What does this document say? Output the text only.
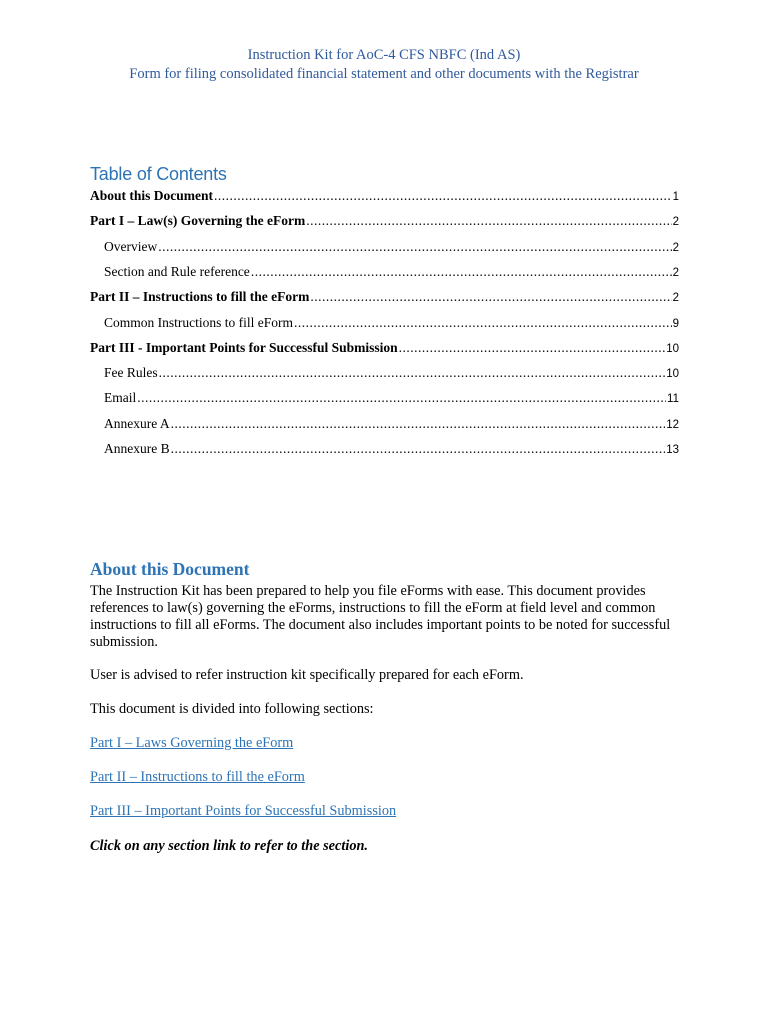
Instruction Kit for AoC-4 CFS NBFC (Ind AS)
Form for filing consolidated financial statement and other documents with the Registrar
Table of Contents
About this Document .....	1
Part I – Law(s) Governing the eForm .....	2
Overview .....	2
Section and Rule reference .....	2
Part II – Instructions to fill the eForm .....	2
Common Instructions to fill eForm .....	9
Part III - Important Points for Successful Submission .....	10
Fee Rules .....	10
Email .....	11
Annexure A .....	12
Annexure B .....	13
About this Document
The Instruction Kit has been prepared to help you file eForms with ease. This document provides references to law(s) governing the eForms, instructions to fill the eForm at field level and common instructions to fill all eForms. The document also includes important points to be noted for successful submission.
User is advised to refer instruction kit specifically prepared for each eForm.
This document is divided into following sections:
Part I – Laws Governing the eForm
Part II – Instructions to fill the eForm
Part III – Important Points for Successful Submission
Click on any section link to refer to the section.
